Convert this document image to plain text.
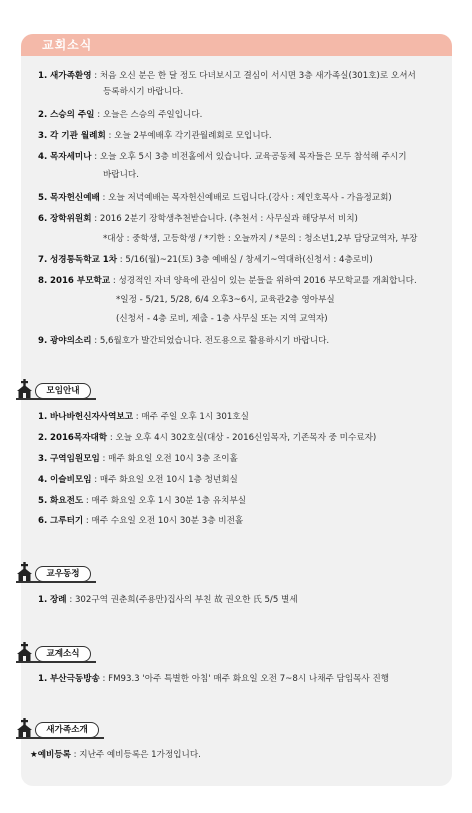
교회소식
1. 새가족환영 : 처음 오신 분은 한 달 정도 다녀보시고 결심이 서시면 3층 새가족실(301호)로 오셔서
등록하시기 바랍니다.
2. 스승의 주일 : 오늘은 스승의 주일입니다.
3. 각 기관 월례회 : 오늘 2부예배후 각기관월례회로 모입니다.
4. 목자세미나 : 오늘 오후 5시 3층 비전홀에서 있습니다. 교육공동체 목자들은 모두 참석해 주시기
바랍니다.
5. 목자헌신예배 : 오늘 저녁예배는 목자헌신예배로 드립니다.(강사 : 제인호목사 - 가음정교회)
6. 장학위원회 : 2016 2분기 장학생추천받습니다. (추천서 : 사무실과 해당부서 비치)
*대상 : 중학생, 고등학생 / *기한 : 오늘까지 / *문의 : 청소년1,2부 담당교역자, 부장
7. 성경통독학교 1차 : 5/16(월)~21(토) 3층 예배실 / 창세기~역대하(신청서 : 4층로비)
8. 2016 부모학교 : 성경적인 자녀 양육에 관심이 있는 분들을 위하여 2016 부모학교를 개최합니다.
*일정 - 5/21, 5/28, 6/4 오후3~6시, 교육관2층 영아부실
(신청서 - 4층 로비, 제출 - 1층 사무실 또는 지역 교역자)
9. 광야의소리 : 5,6월호가 발간되었습니다. 전도용으로 활용하시기 바랍니다.
모임안내
1. 바나바헌신자사역보고 : 매주 주일 오후 1시 301호실
2. 2016목자대학 : 오늘 오후 4시 302호실(대상 - 2016신임목자, 기존목자 중 미수료자)
3. 구역임원모임 : 매주 화요일 오전 10시 3층 조이홀
4. 이슬비모임 : 매주 화요일 오전 10시 1층 청년회실
5. 화요전도 : 매주 화요일 오후 1시 30분 1층 유치부실
6. 그루터기 : 매주 수요일 오전 10시 30분 3층 비전홀
교우동정
1. 장례 : 302구역 권춘희(주용만)집사의 부친 故 권오한 氏 5/5 별세
교계소식
1. 부산극동방송 : FM93.3 '아주 특별한 아침' 매주 화요일 오전 7~8시 나채주 담임목사 진행
새가족소개
★예비등록 : 지난주 예비등록은 1가정입니다.
